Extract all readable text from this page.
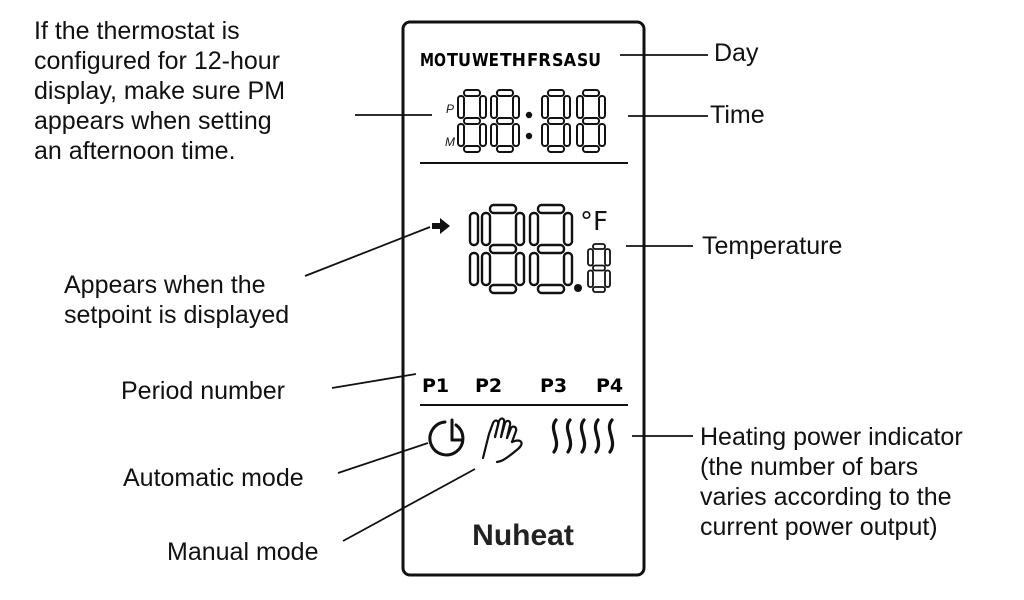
MO TU WE TH FR SA SU
P
M
°F
P1 P2 P3 P4
Nuheat
If the thermostat is
configured for 12-hour
display, make sure PM
appears when setting
an afternoon time.
Appears when the
setpoint is displayed
Period number
Automatic mode
Manual mode
Day
Time
Temperature
Heating power indicator
(the number of bars
varies according to the
current power output)
